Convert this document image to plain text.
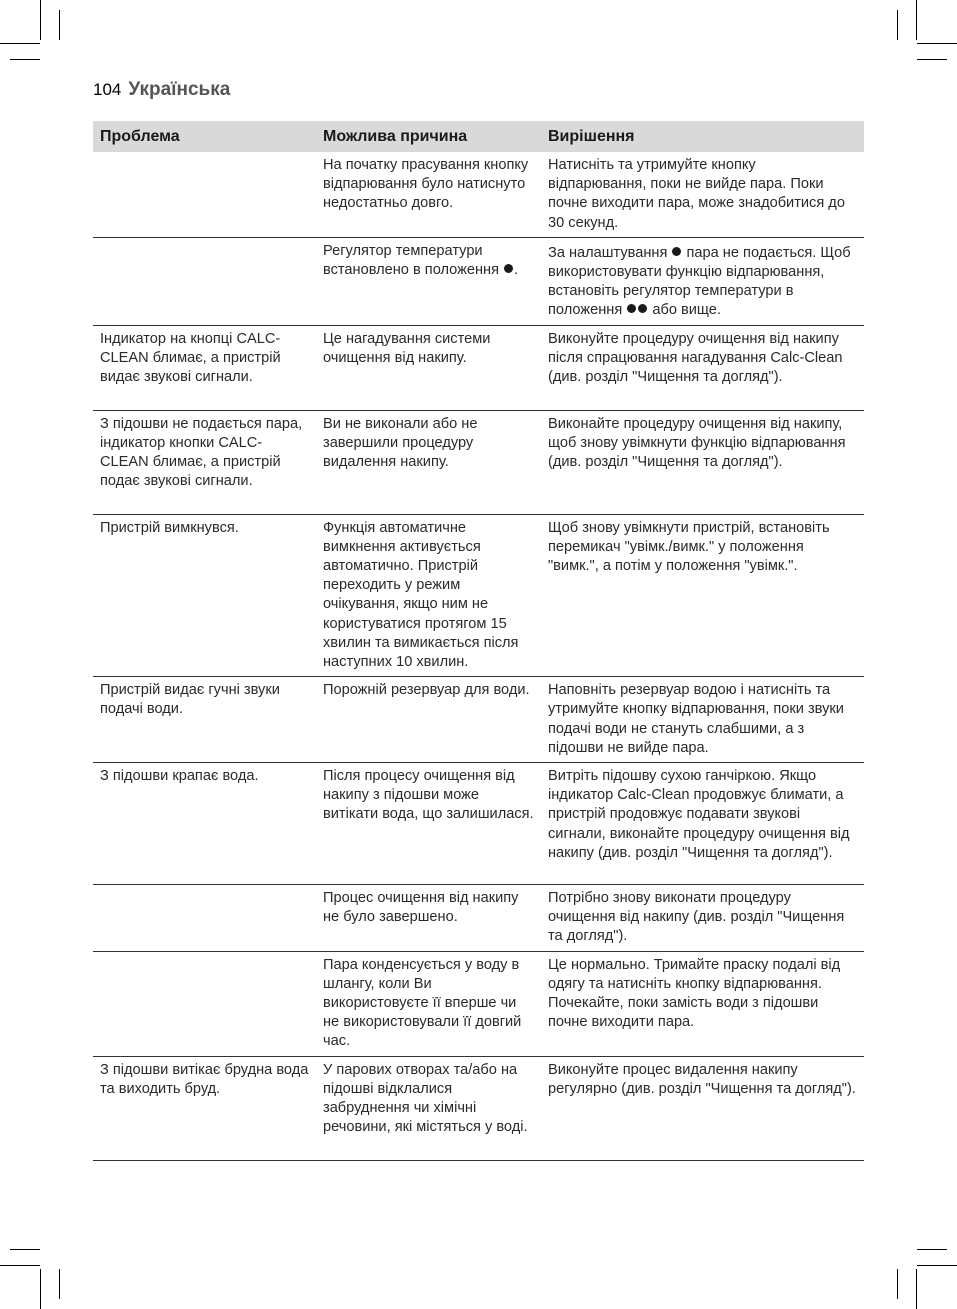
104 Українська
Проблема	Можлива причина	Вирішення
	На початку прасування кнопку відпарювання було натиснуто недостатньо довго.	Натисніть та утримуйте кнопку відпарювання, поки не вийде пара. Поки почне виходити пара, може знадобитися до 30 секунд.
	Регулятор температури встановлено в положення .	За налаштування пара не подається. Щоб використовувати функцію відпарювання, встановіть регулятор температури в положення або вище.
Індикатор на кнопці CALC-CLEAN блимає, а пристрій видає звукові сигнали.	Це нагадування системи очищення від накипу.	Виконуйте процедуру очищення від накипу після спрацювання нагадування Calc-Clean (див. розділ "Чищення та догляд").
З підошви не подається пара, індикатор кнопки CALC-CLEAN блимає, а пристрій подає звукові сигнали.	Ви не виконали або не завершили процедуру видалення накипу.	Виконайте процедуру очищення від накипу, щоб знову увімкнути функцію відпарювання (див. розділ "Чищення та догляд").
Пристрій вимкнувся.	Функція автоматичне вимкнення активується автоматично. Пристрій переходить у режим очікування, якщо ним не користуватися протягом 15 хвилин та вимикається після наступних 10 хвилин.	Щоб знову увімкнути пристрій, встановіть перемикач "увімк./вимк." у положення "вимк.", а потім у положення "увімк.".
Пристрій видає гучні звуки подачі води.	Порожній резервуар для води.	Наповніть резервуар водою і натисніть та утримуйте кнопку відпарювання, поки звуки подачі води не стануть слабшими, а з підошви не вийде пара.
З підошви крапає вода.	Після процесу очищення від накипу з підошви може витікати вода, що залишилася.	Витріть підошву сухою ганчіркою. Якщо індикатор Calc-Clean продовжує блимати, а пристрій продовжує подавати звукові сигнали, виконайте процедуру очищення від накипу (див. розділ "Чищення та догляд").
	Процес очищення від накипу не було завершено.	Потрібно знову виконати процедуру очищення від накипу (див. розділ "Чищення та догляд").
	Пара конденсується у воду в шлангу, коли Ви використовуєте її вперше чи не використовували її довгий час.	Це нормально. Тримайте праску подалі від одягу та натисніть кнопку відпарювання. Почекайте, поки замість води з підошви почне виходити пара.
З підошви витікає брудна вода та виходить бруд.	У парових отворах та/або на підошві відклалися забруднення чи хімічні речовини, які містяться у воді.	Виконуйте процес видалення накипу регулярно (див. розділ "Чищення та догляд").
